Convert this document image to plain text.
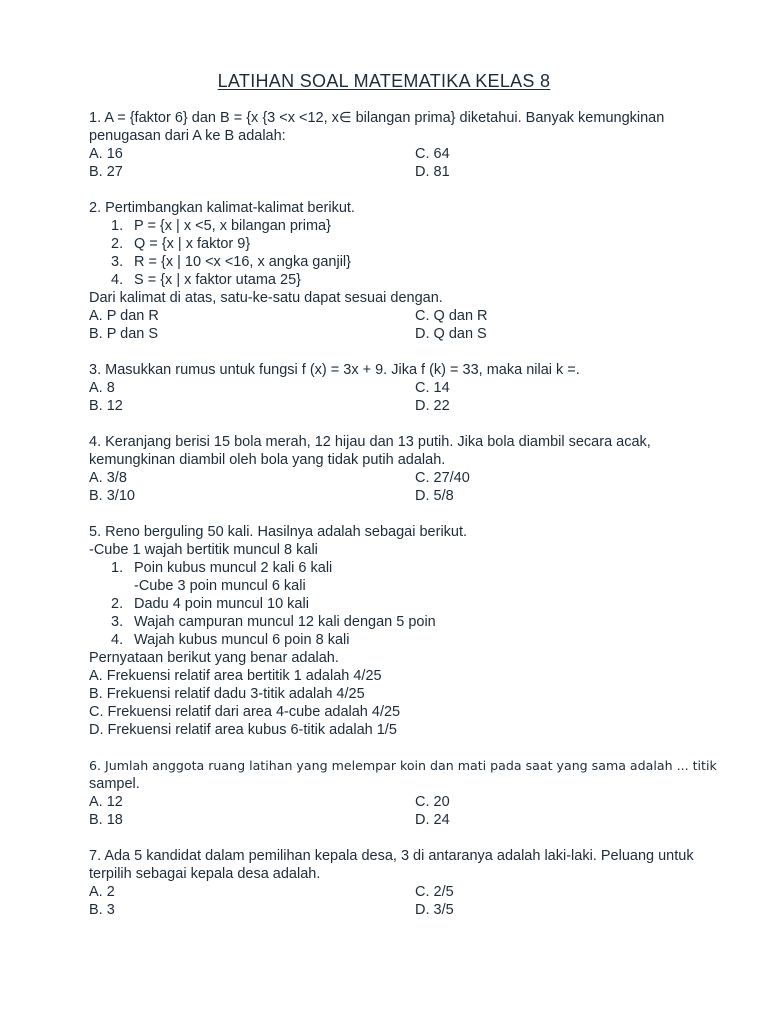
LATIHAN SOAL MATEMATIKA KELAS 8
1. A = {faktor 6} dan B = {x {3 <x <12, x∈ bilangan prima} diketahui. Banyak kemungkinan
penugasan dari A ke B adalah:
A. 16	C. 64
B. 27	D. 81
2. Pertimbangkan kalimat-kalimat berikut.
1. P = {x | x <5, x bilangan prima}
2. Q = {x | x faktor 9}
3. R = {x | 10 <x <16, x angka ganjil}
4. S = {x | x faktor utama 25}
Dari kalimat di atas, satu-ke-satu dapat sesuai dengan.
A. P dan R	C. Q dan R
B. P dan S	D. Q dan S
3. Masukkan rumus untuk fungsi f (x) = 3x + 9. Jika f (k) = 33, maka nilai k =.
A. 8	C. 14
B. 12	D. 22
4. Keranjang berisi 15 bola merah, 12 hijau dan 13 putih. Jika bola diambil secara acak,
kemungkinan diambil oleh bola yang tidak putih adalah.
A. 3/8	C. 27/40
B. 3/10	D. 5/8
5. Reno berguling 50 kali. Hasilnya adalah sebagai berikut.
-Cube 1 wajah bertitik muncul 8 kali
1. Poin kubus muncul 2 kali 6 kali
-Cube 3 poin muncul 6 kali
2. Dadu 4 poin muncul 10 kali
3. Wajah campuran muncul 12 kali dengan 5 poin
4. Wajah kubus muncul 6 poin 8 kali
Pernyataan berikut yang benar adalah.
A. Frekuensi relatif area bertitik 1 adalah 4/25
B. Frekuensi relatif dadu 3-titik adalah 4/25
C. Frekuensi relatif dari area 4-cube adalah 4/25
D. Frekuensi relatif area kubus 6-titik adalah 1/5
6. Jumlah anggota ruang latihan yang melempar koin dan mati pada saat yang sama adalah ... titik
sampel.
A. 12	C. 20
B. 18	D. 24
7. Ada 5 kandidat dalam pemilihan kepala desa, 3 di antaranya adalah laki-laki. Peluang untuk
terpilih sebagai kepala desa adalah.
A. 2	C. 2/5
B. 3	D. 3/5
